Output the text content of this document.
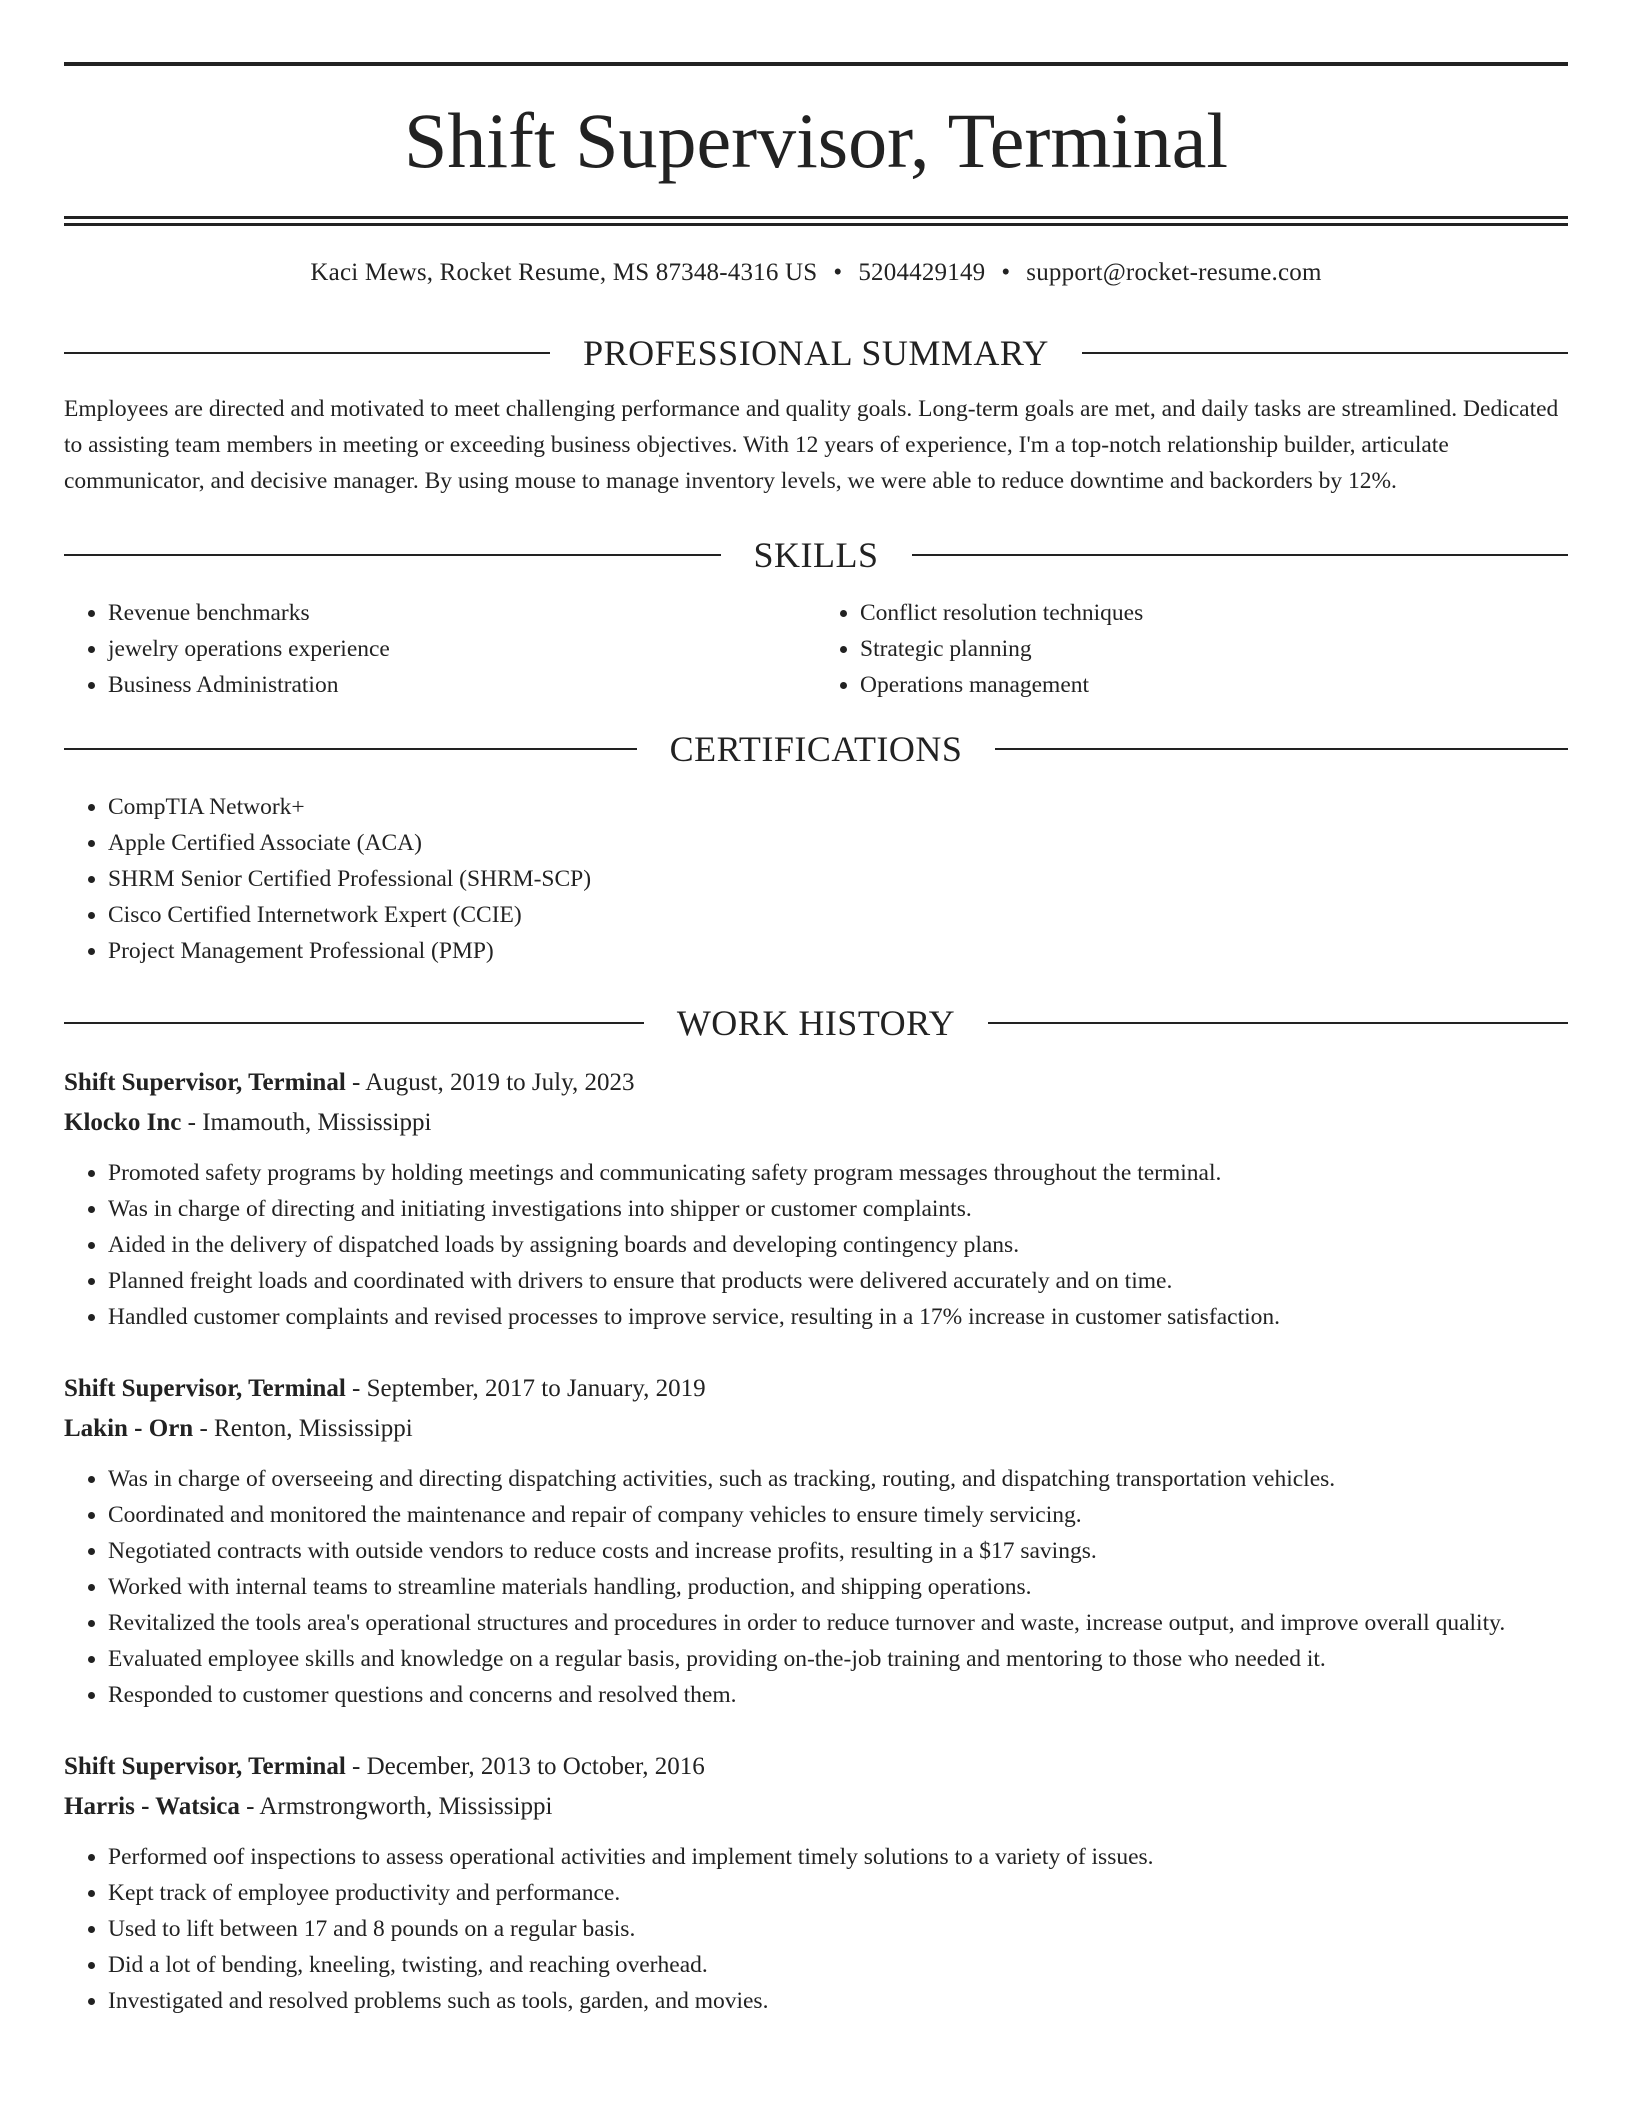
Shift Supervisor, Terminal
Kaci Mews, Rocket Resume, MS 87348-4316 US • 5204429149 • support@rocket-resume.com
PROFESSIONAL SUMMARY
Employees are directed and motivated to meet challenging performance and quality goals. Long-term goals are met, and daily tasks are streamlined. Dedicated to assisting team members in meeting or exceeding business objectives. With 12 years of experience, I'm a top-notch relationship builder, articulate communicator, and decisive manager. By using mouse to manage inventory levels, we were able to reduce downtime and backorders by 12%.
SKILLS
• Revenue benchmarks
• jewelry operations experience
• Business Administration
• Conflict resolution techniques
• Strategic planning
• Operations management
CERTIFICATIONS
• CompTIA Network+
• Apple Certified Associate (ACA)
• SHRM Senior Certified Professional (SHRM-SCP)
• Cisco Certified Internetwork Expert (CCIE)
• Project Management Professional (PMP)
WORK HISTORY
Shift Supervisor, Terminal - August, 2019 to July, 2023
Klocko Inc - Imamouth, Mississippi
• Promoted safety programs by holding meetings and communicating safety program messages throughout the terminal.
• Was in charge of directing and initiating investigations into shipper or customer complaints.
• Aided in the delivery of dispatched loads by assigning boards and developing contingency plans.
• Planned freight loads and coordinated with drivers to ensure that products were delivered accurately and on time.
• Handled customer complaints and revised processes to improve service, resulting in a 17% increase in customer satisfaction.
Shift Supervisor, Terminal - September, 2017 to January, 2019
Lakin - Orn - Renton, Mississippi
• Was in charge of overseeing and directing dispatching activities, such as tracking, routing, and dispatching transportation vehicles.
• Coordinated and monitored the maintenance and repair of company vehicles to ensure timely servicing.
• Negotiated contracts with outside vendors to reduce costs and increase profits, resulting in a $17 savings.
• Worked with internal teams to streamline materials handling, production, and shipping operations.
• Revitalized the tools area's operational structures and procedures in order to reduce turnover and waste, increase output, and improve overall quality.
• Evaluated employee skills and knowledge on a regular basis, providing on-the-job training and mentoring to those who needed it.
• Responded to customer questions and concerns and resolved them.
Shift Supervisor, Terminal - December, 2013 to October, 2016
Harris - Watsica - Armstrongworth, Mississippi
• Performed oof inspections to assess operational activities and implement timely solutions to a variety of issues.
• Kept track of employee productivity and performance.
• Used to lift between 17 and 8 pounds on a regular basis.
• Did a lot of bending, kneeling, twisting, and reaching overhead.
• Investigated and resolved problems such as tools, garden, and movies.
